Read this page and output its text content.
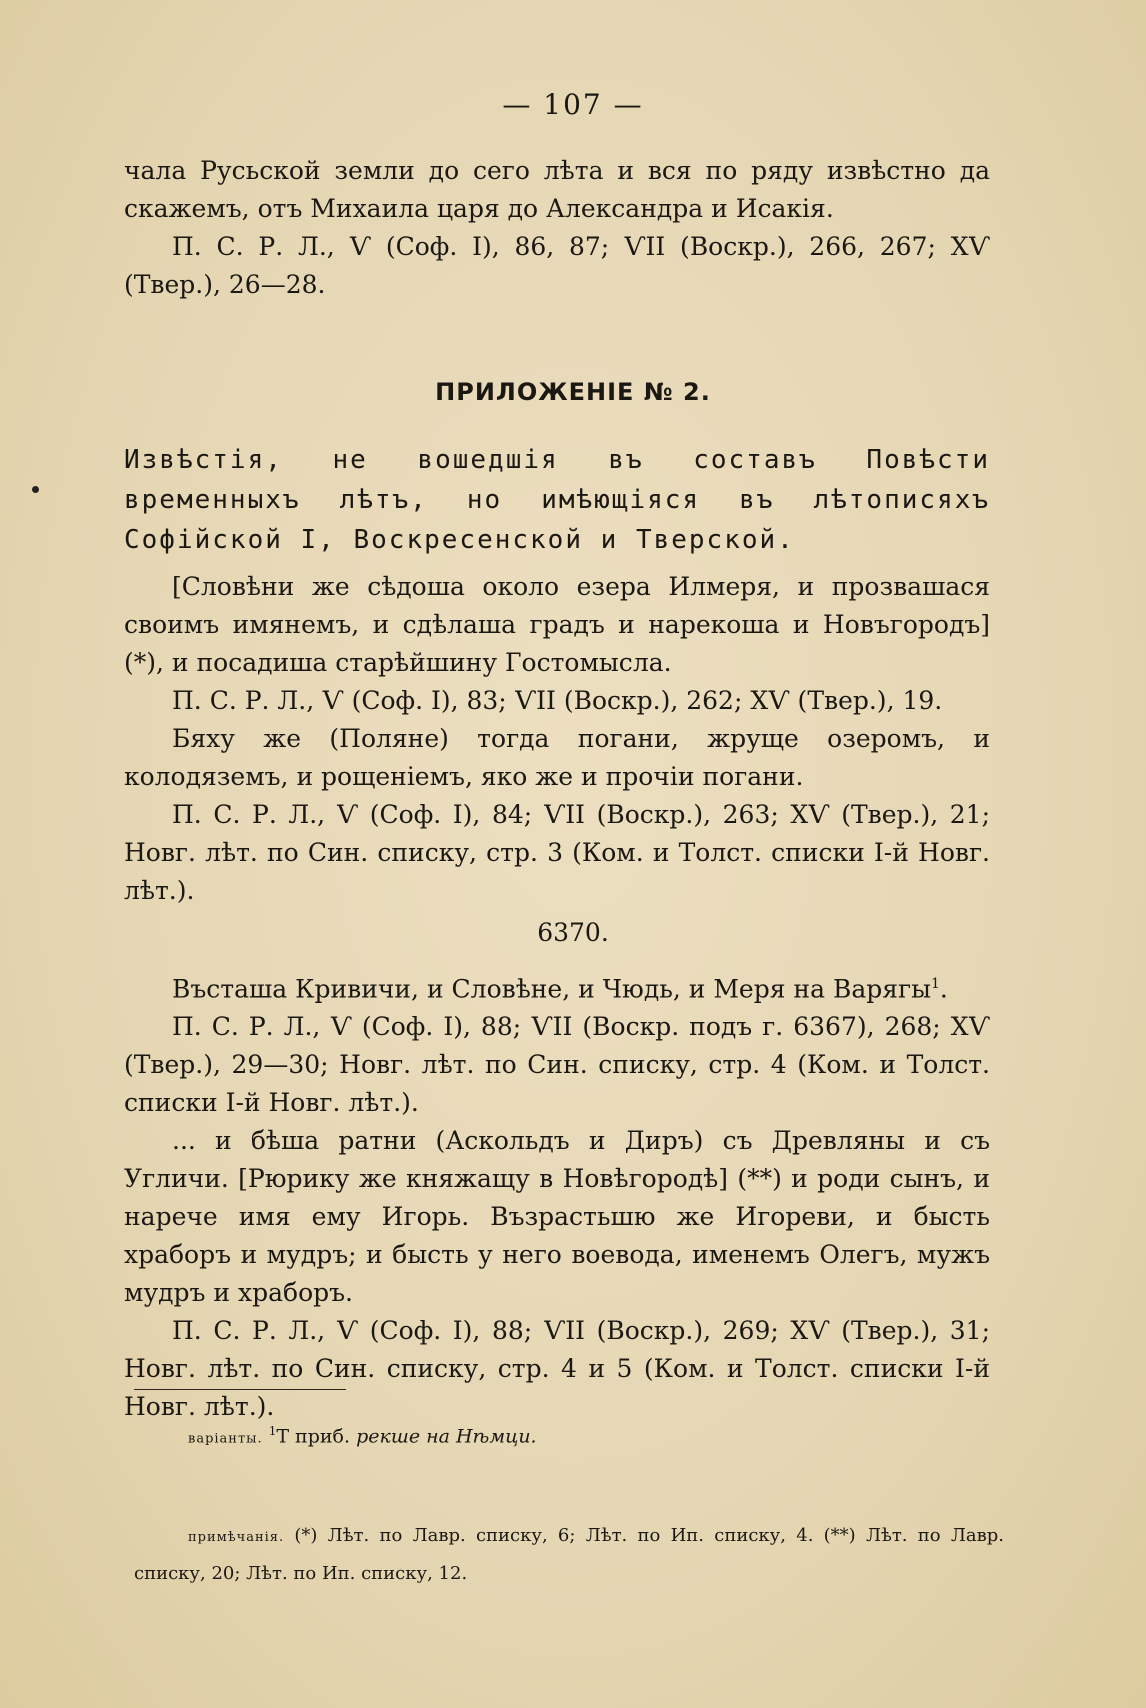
— 107 —

чала Русьской земли до сего лѣта и вся по ряду извѣстно да скажемъ, отъ Михаила царя до Александра и Исакія.

П. С. Р. Л., Ѵ (Соф. I), 86, 87; ѴII (Воскр.), 266, 267; ХѴ (Твер.), 26—28.

ПРИЛОЖЕНІЕ № 2.
Извѣстія, не вошедшія въ составъ Повѣсти временныхъ лѣтъ, но имѣющіяся въ лѣтописяхъ Софійской I, Воскресенской и Тверской.

[Словѣни же сѣдоша около езера Илмеря, и прозвашася своимъ имянемъ, и сдѣлаша градъ и нарекоша и Новъгородъ] (*), и посадиша старѣйшину Гостомысла.

П. С. Р. Л., Ѵ (Соф. I), 83; ѴII (Воскр.), 262; ХѴ (Твер.), 19.

Бяху же (Поляне) тогда погани, жруще озеромъ, и колодяземъ, и рощеніемъ, яко же и прочіи погани.

П. С. Р. Л., Ѵ (Соф. I), 84; ѴII (Воскр.), 263; ХѴ (Твер.), 21; Новг. лѣт. по Син. списку, стр. 3 (Ком. и Толст. списки I-й Новг. лѣт.).

6370.

Въсташа Кривичи, и Словѣне, и Чюдь, и Меря на Варягы$^1$.

П. С. Р. Л., Ѵ (Соф. I), 88; ѴII (Воскр. подъ г. 6367), 268; ХѴ (Твер.), 29—30; Новг. лѣт. по Син. списку, стр. 4 (Ком. и Толст. списки I-й Новг. лѣт.).

... и бѣша ратни (Аскольдъ и Диръ) съ Древляны и съ Угличи. [Рюрику же княжащу в Новѣгородѣ] (**) и роди сынъ, и нарече имя ему Игорь. Възрастьшю же Игореви, и бысть храборъ и мудръ; и бысть у него воевода, именемъ Олегъ, мужъ мудръ и храборъ.

П. С. Р. Л., Ѵ (Соф. I), 88; ѴII (Воскр.), 269; ХѴ (Твер.), 31; Новг. лѣт. по Син. списку, стр. 4 и 5 (Ком. и Толст. списки I-й Новг. лѣт.).

варіанты. $^1$Т приб. рекше на Нѣмци.

примѣчанія. (*) Лѣт. по Лавр. списку, 6; Лѣт. по Ип. списку, 4. (**) Лѣт. по Лавр. списку, 20; Лѣт. по Ип. списку, 12.
